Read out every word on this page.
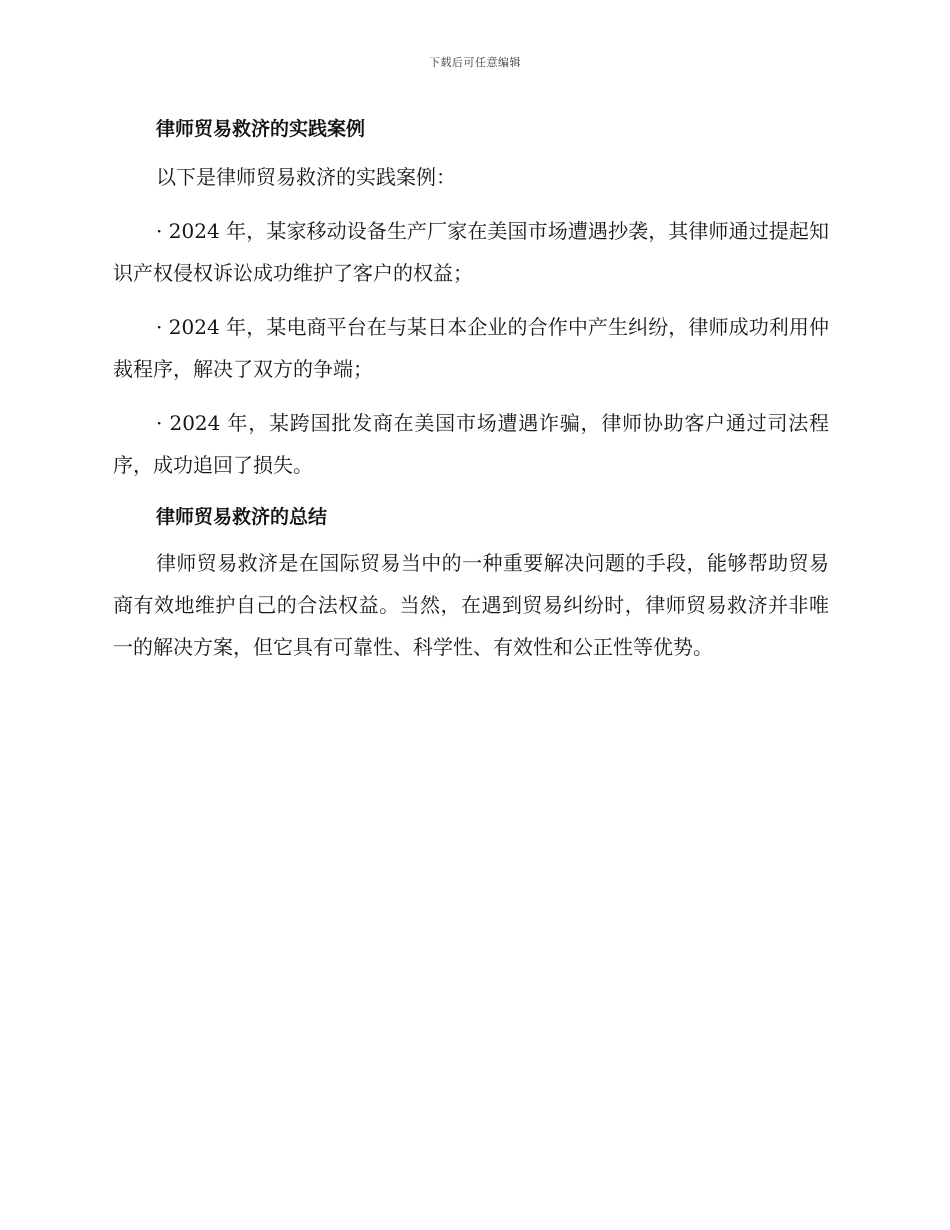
下载后可任意编辑
律师贸易救济的实践案例

以下是律师贸易救济的实践案例：

· 2024 年，某家移动设备生产厂家在美国市场遭遇抄袭，其律师通过提起知识产权侵权诉讼成功维护了客户的权益；

· 2024 年，某电商平台在与某日本企业的合作中产生纠纷，律师成功利用仲裁程序，解决了双方的争端；

· 2024 年，某跨国批发商在美国市场遭遇诈骗，律师协助客户通过司法程序，成功追回了损失。

律师贸易救济的总结

律师贸易救济是在国际贸易当中的一种重要解决问题的手段，能够帮助贸易商有效地维护自己的合法权益。当然，在遇到贸易纠纷时，律师贸易救济并非唯一的解决方案，但它具有可靠性、科学性、有效性和公正性等优势。
